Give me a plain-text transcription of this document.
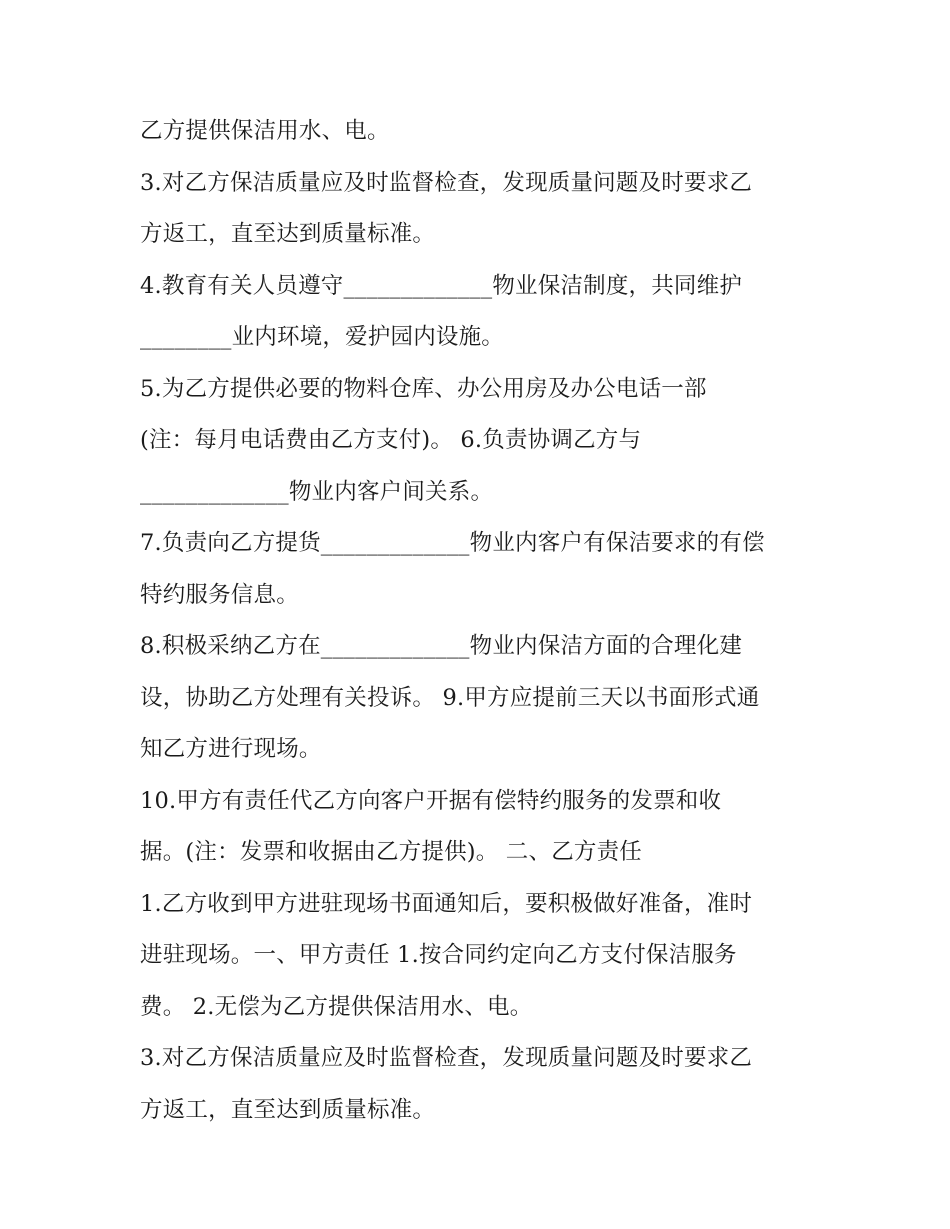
乙方提供保洁用水、电。
3.对乙方保洁质量应及时监督检查，发现质量问题及时要求乙
方返工，直至达到质量标准。
4.教育有关人员遵守_____________物业保洁制度，共同维护
________业内环境，爱护园内设施。
5.为乙方提供必要的物料仓库、办公用房及办公电话一部
(注：每月电话费由乙方支付)。 6.负责协调乙方与
_____________物业内客户间关系。
7.负责向乙方提货_____________物业内客户有保洁要求的有偿
特约服务信息。
8.积极采纳乙方在_____________物业内保洁方面的合理化建
设，协助乙方处理有关投诉。 9.甲方应提前三天以书面形式通
知乙方进行现场。
10.甲方有责任代乙方向客户开据有偿特约服务的发票和收
据。(注：发票和收据由乙方提供)。 二、乙方责任
1.乙方收到甲方进驻现场书面通知后，要积极做好准备，准时
进驻现场。一、甲方责任 1.按合同约定向乙方支付保洁服务
费。 2.无偿为乙方提供保洁用水、电。
3.对乙方保洁质量应及时监督检查，发现质量问题及时要求乙
方返工，直至达到质量标准。
